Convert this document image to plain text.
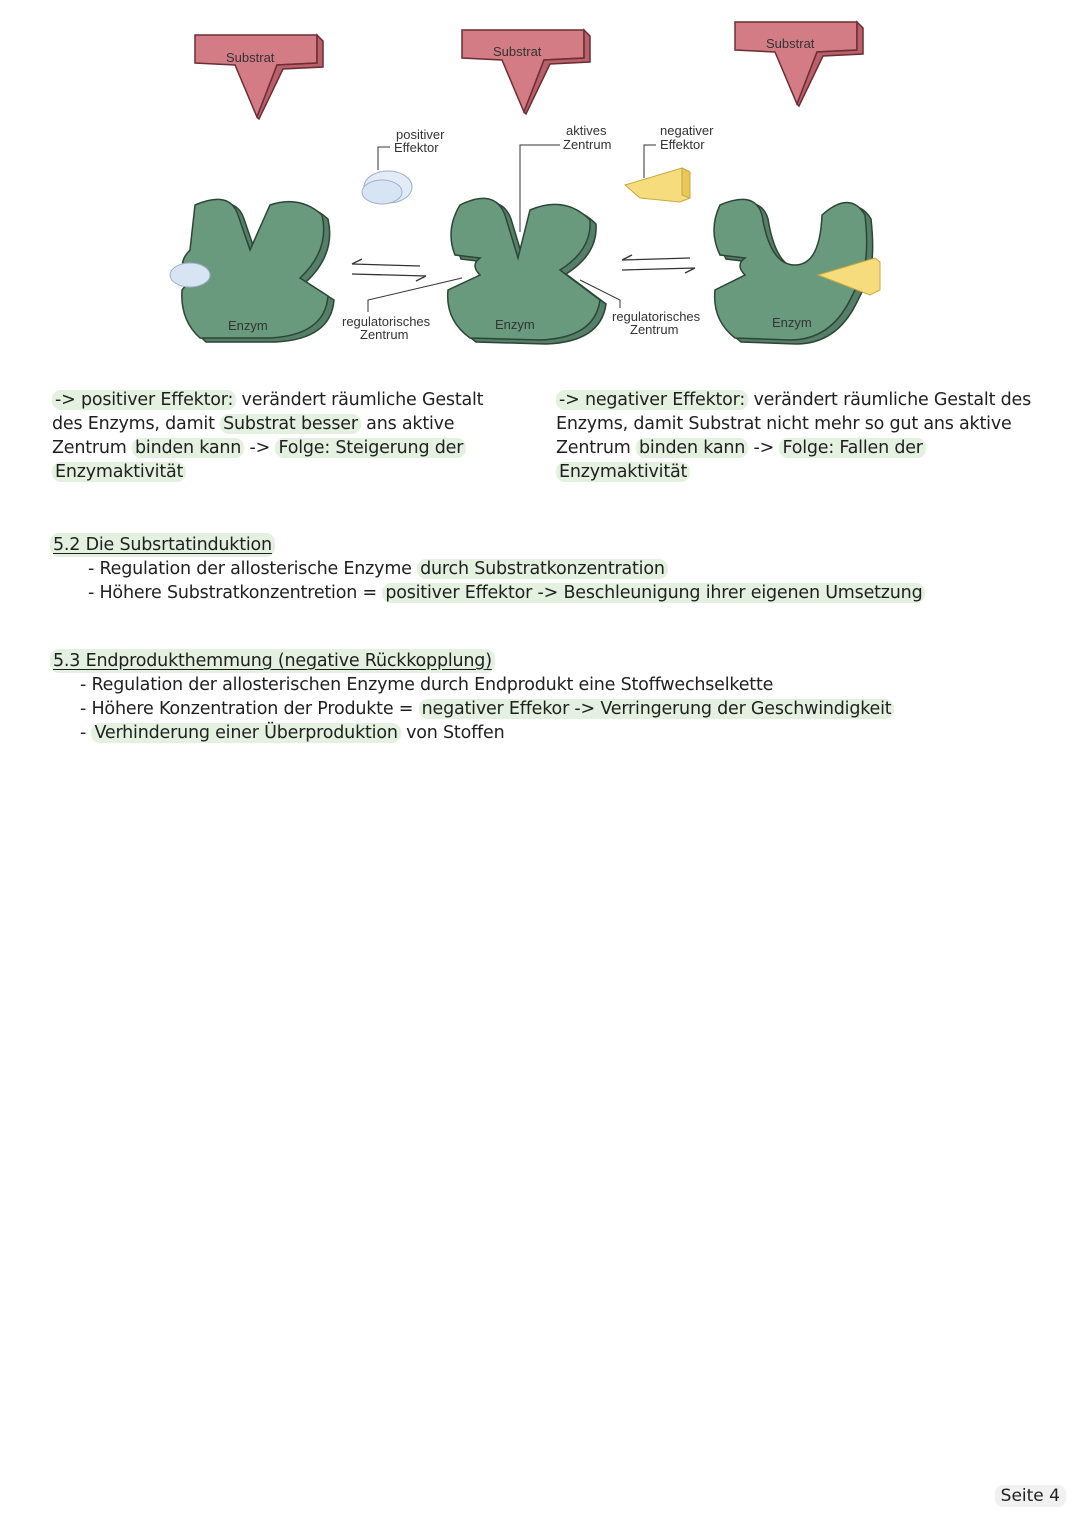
Substrat	Substrat
Substrat
Enzym	Enzym	Enzym
positiver
Effektor
aktives
Zentrum
negativer
Effektor
regulatorisches
Zentrum
regulatorisches
Zentrum
-> positiver Effektor: verändert räumliche Gestalt des Enzyms, damit Substrat besser ans aktive Zentrum binden kann -> Folge: Steigerung der Enzymaktivität
-> negativer Effektor: verändert räumliche Gestalt des Enzyms, damit Substrat nicht mehr so gut ans aktive Zentrum binden kann -> Folge: Fallen der Enzymaktivität
5.2 Die Subsrtatinduktion
- Regulation der allosterische Enzyme durch Substratkonzentration
- Höhere Substratkonzentretion = positiver Effektor -> Beschleunigung ihrer eigenen Umsetzung
5.3 Endprodukthemmung (negative Rückkopplung)
- Regulation der allosterischen Enzyme durch Endprodukt eine Stoffwechselkette
- Höhere Konzentration der Produkte = negativer Effekor -> Verringerung der Geschwindigkeit
- Verhinderung einer Überproduktion von Stoffen
Seite 4
